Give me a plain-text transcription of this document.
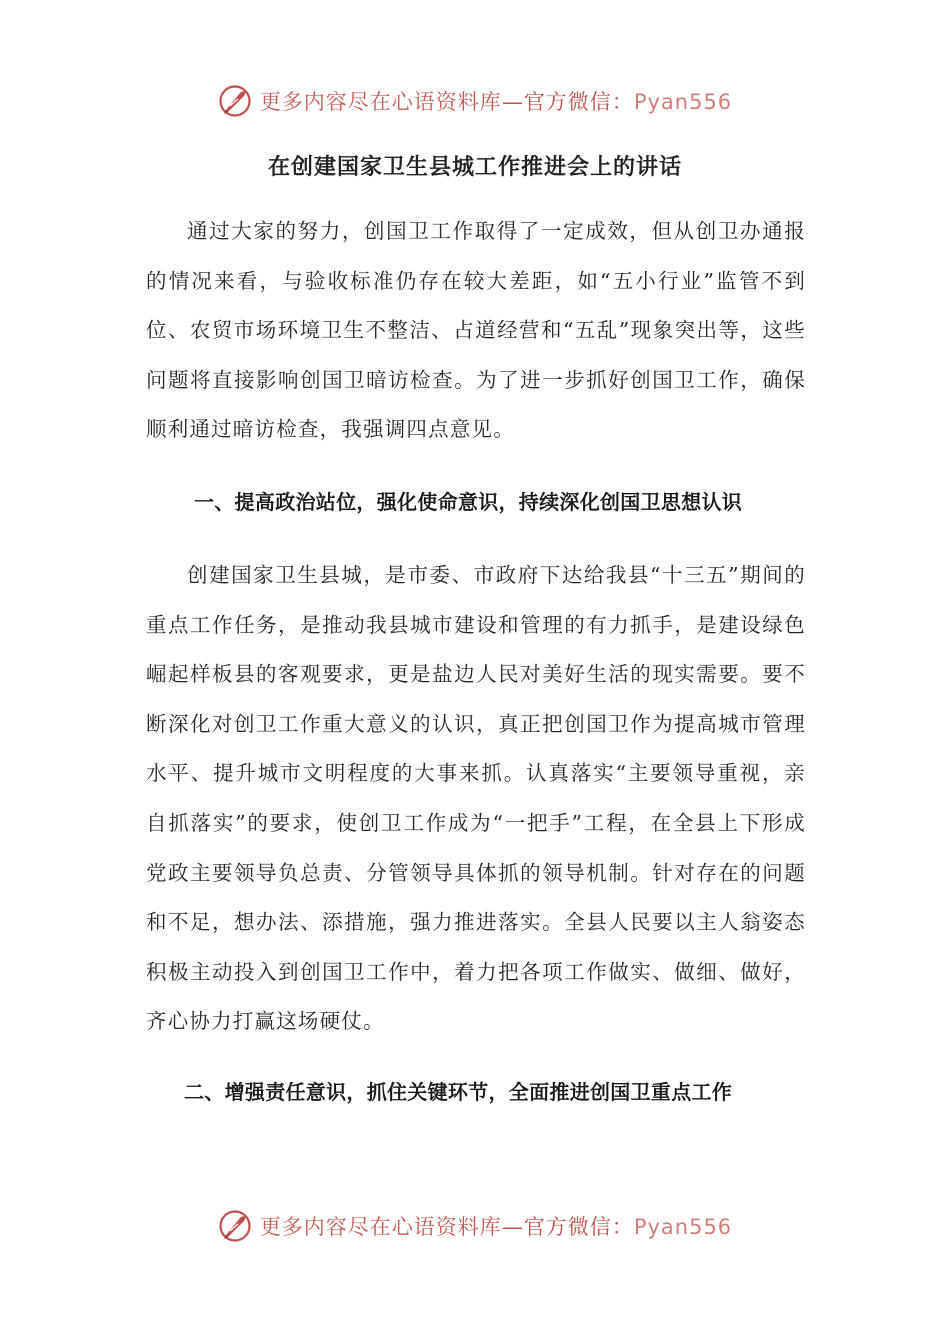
更多内容尽在心语资料库—官方微信：Pyan556
在创建国家卫生县城工作推进会上的讲话

通过大家的努力，创国卫工作取得了一定成效，但从创卫办通报的情况来看，与验收标准仍存在较大差距，如“五小行业”监管不到位、农贸市场环境卫生不整洁、占道经营和“五乱”现象突出等，这些问题将直接影响创国卫暗访检查。为了进一步抓好创国卫工作，确保顺利通过暗访检查，我强调四点意见。

一、提高政治站位，强化使命意识，持续深化创国卫思想认识

创建国家卫生县城，是市委、市政府下达给我县“十三五”期间的重点工作任务，是推动我县城市建设和管理的有力抓手，是建设绿色崛起样板县的客观要求，更是盐边人民对美好生活的现实需要。要不断深化对创卫工作重大意义的认识，真正把创国卫作为提高城市管理水平、提升城市文明程度的大事来抓。认真落实“主要领导重视，亲自抓落实”的要求，使创卫工作成为“一把手”工程，在全县上下形成党政主要领导负总责、分管领导具体抓的领导机制。针对存在的问题和不足，想办法、添措施，强力推进落实。全县人民要以主人翁姿态积极主动投入到创国卫工作中，着力把各项工作做实、做细、做好，齐心协力打赢这场硬仗。

二、增强责任意识，抓住关键环节，全面推进创国卫重点工作
更多内容尽在心语资料库—官方微信：Pyan556
